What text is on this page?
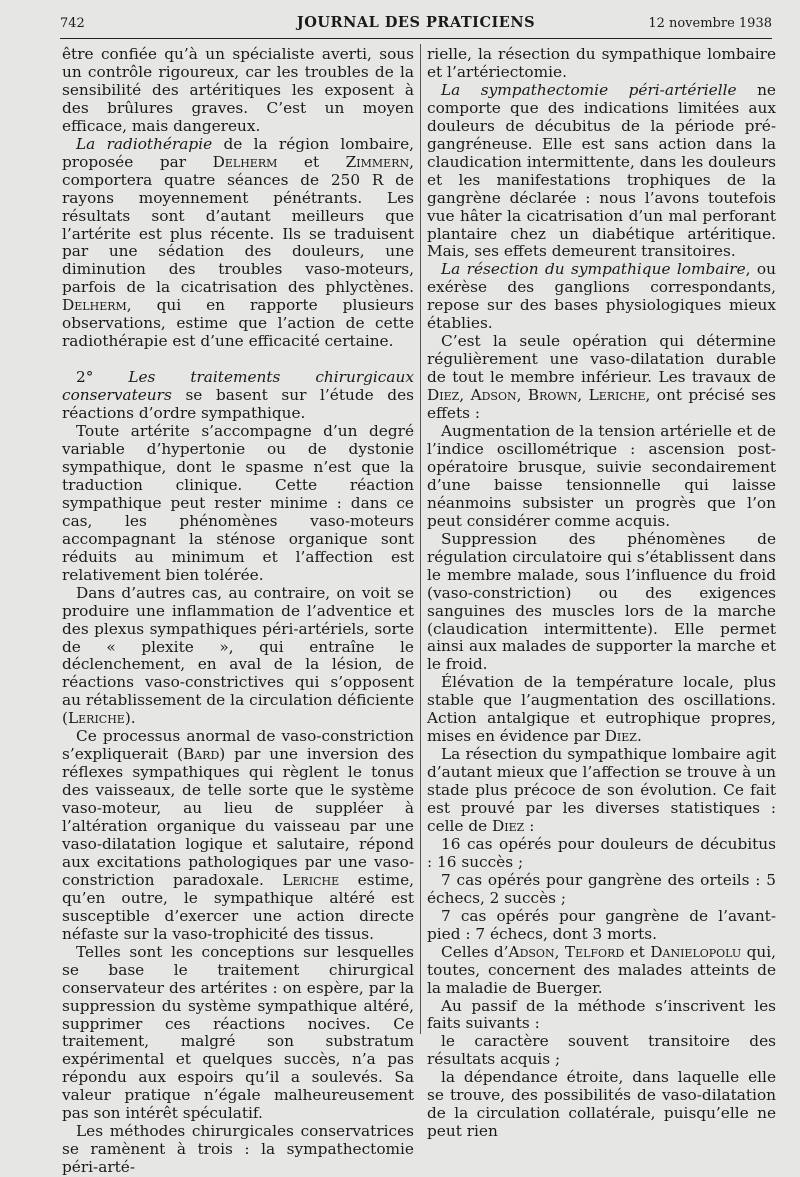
742	JOURNAL DES PRATICIENS	12 novembre 1938

être confiée qu’à un spécialiste averti, sous un contrôle rigoureux, car les troubles de la sensibilité des artéritiques les exposent à des brûlures graves. C’est un moyen efficace, mais dangereux.

La radiothérapie de la région lombaire, proposée par Delherm et Zimmern, comportera quatre séances de 250 R de rayons moyennement pénétrants. Les résultats sont d’autant meilleurs que l’artérite est plus récente. Ils se traduisent par une sédation des douleurs, une diminution des troubles vaso-moteurs, parfois de la cicatrisation des phlyctènes. Delherm, qui en rapporte plusieurs observations, estime que l’action de cette radiothérapie est d’une efficacité certaine.

2° Les traitements chirurgicaux conservateurs se basent sur l’étude des réactions d’ordre sympathique.

Toute artérite s’accompagne d’un degré variable d’hypertonie ou de dystonie sympathique, dont le spasme n’est que la traduction clinique. Cette réaction sympathique peut rester minime : dans ce cas, les phénomènes vaso-moteurs accompagnant la sténose organique sont réduits au minimum et l’affection est relativement bien tolérée.

Dans d’autres cas, au contraire, on voit se produire une inflammation de l’adventice et des plexus sympathiques péri-artériels, sorte de « plexite », qui entraîne le déclenchement, en aval de la lésion, de réactions vaso-constrictives qui s’opposent au rétablissement de la circulation déficiente (Leriche).

Ce processus anormal de vaso-constriction s’expliquerait (Bard) par une inversion des réflexes sympathiques qui règlent le tonus des vaisseaux, de telle sorte que le système vaso-moteur, au lieu de suppléer à l’altération organique du vaisseau par une vaso-dilatation logique et salutaire, répond aux excitations pathologiques par une vaso-constriction paradoxale. Leriche estime, qu’en outre, le sympathique altéré est susceptible d’exercer une action directe néfaste sur la vaso-trophicité des tissus.

Telles sont les conceptions sur lesquelles se base le traitement chirurgical conservateur des artérites : on espère, par la suppression du système sympathique altéré, supprimer ces réactions nocives. Ce traitement, malgré son substratum expérimental et quelques succès, n’a pas répondu aux espoirs qu’il a soulevés. Sa valeur pratique n’égale malheureusement pas son intérêt spéculatif.

Les méthodes chirurgicales conservatrices se ramènent à trois : la sympathectomie péri-arté-

rielle, la résection du sympathique lombaire et l’artériectomie.

La sympathectomie péri-artérielle ne comporte que des indications limitées aux douleurs de décubitus de la période pré-gangréneuse. Elle est sans action dans la claudication intermittente, dans les douleurs et les manifestations trophiques de la gangrène déclarée : nous l’avons toutefois vue hâter la cicatrisation d’un mal perforant plantaire chez un diabétique artéritique. Mais, ses effets demeurent transitoires.

La résection du sympathique lombaire, ou exérèse des ganglions correspondants, repose sur des bases physiologiques mieux établies.

C’est la seule opération qui détermine régulièrement une vaso-dilatation durable de tout le membre inférieur. Les travaux de Diez, Adson, Brown, Leriche, ont précisé ses effets :

Augmentation de la tension artérielle et de l’indice oscillométrique : ascension post-opératoire brusque, suivie secondairement d’une baisse tensionnelle qui laisse néanmoins subsister un progrès que l’on peut considérer comme acquis.

Suppression des phénomènes de régulation circulatoire qui s’établissent dans le membre malade, sous l’influence du froid (vaso-constriction) ou des exigences sanguines des muscles lors de la marche (claudication intermittente). Elle permet ainsi aux malades de supporter la marche et le froid.

Élévation de la température locale, plus stable que l’augmentation des oscillations. Action antalgique et eutrophique propres, mises en évidence par Diez.

La résection du sympathique lombaire agit d’autant mieux que l’affection se trouve à un stade plus précoce de son évolution. Ce fait est prouvé par les diverses statistiques : celle de Diez :

16 cas opérés pour douleurs de décubitus : 16 succès ;

7 cas opérés pour gangrène des orteils : 5 échecs, 2 succès ;

7 cas opérés pour gangrène de l’avant-pied : 7 échecs, dont 3 morts.

Celles d’Adson, Telford et Danielopolu qui, toutes, concernent des malades atteints de la maladie de Buerger.

Au passif de la méthode s’inscrivent les faits suivants :

le caractère souvent transitoire des résultats acquis ;

la dépendance étroite, dans laquelle elle se trouve, des possibilités de vaso-dilatation de la circulation collatérale, puisqu’elle ne peut rien
